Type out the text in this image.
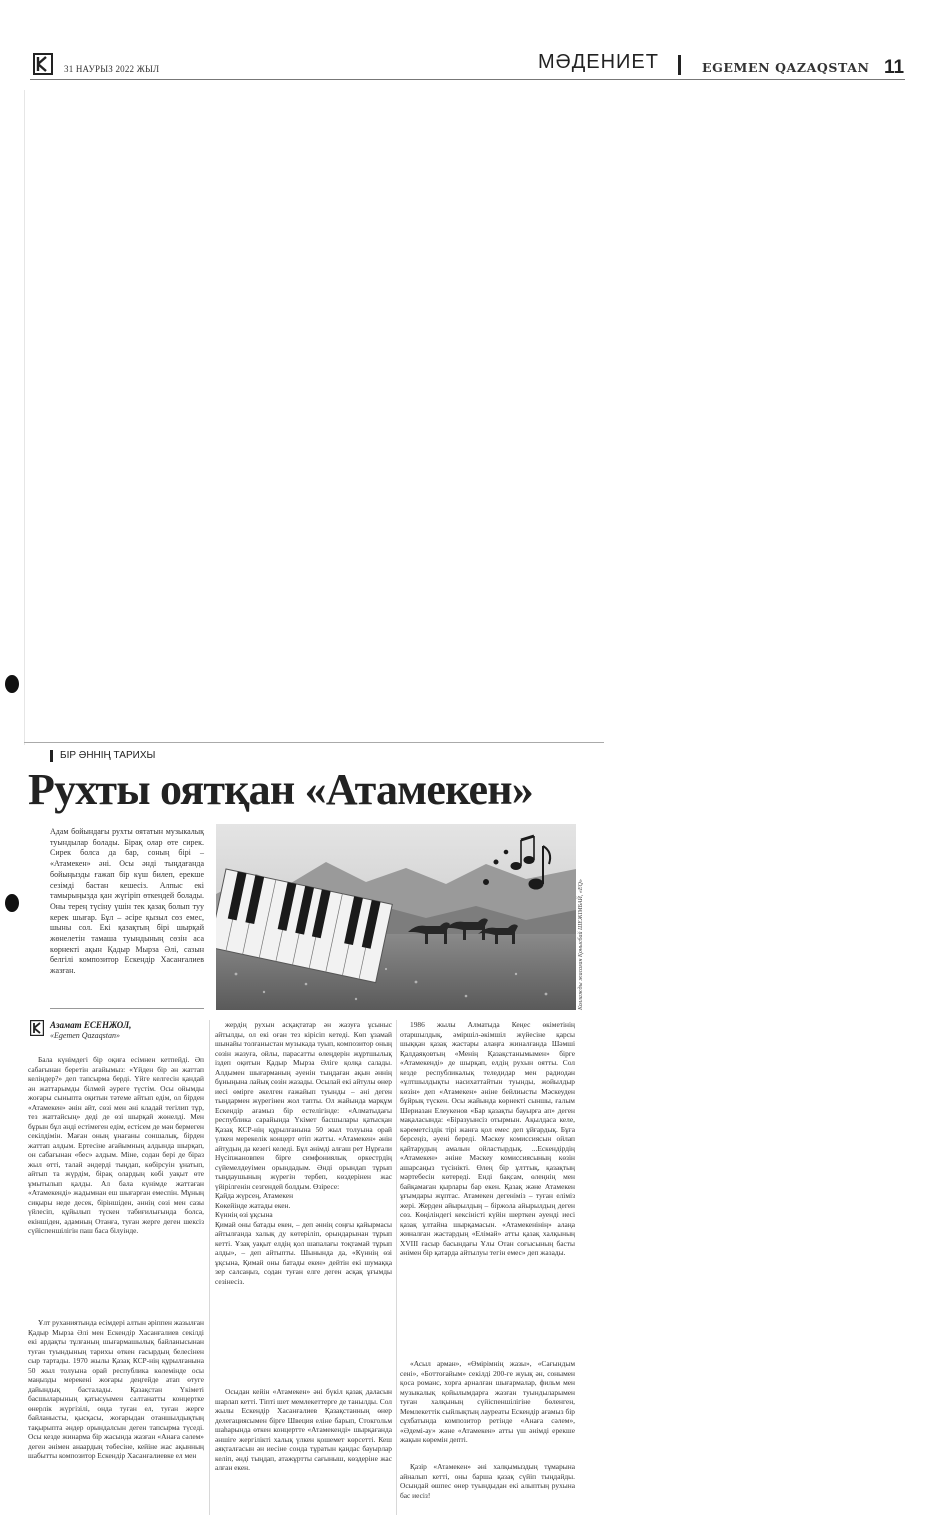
31 НАУРЫЗ 2022 ЖЫЛ	МӘДЕНИЕТ	EGEMEN QAZAQSTAN 11
БІР ӘННІҢ ТАРИХЫ
Рухты оятқан «Атамекен»
Адам бойындағы рухты оятатын музыкалық туындылар болады. Бірақ олар өте сирек. Сирек болса да бар, соның бірі – «Атамекен» әні. Осы әнді тыңдағанда бойыңызды ғажап бір күш билеп, ерекше сезімді бастан кешесіз. Алпыс екі тамырыңызда қан жүгіріп өткендей болады. Оны терең түсіну үшін тек қазақ болып туу керек шығар. Бұл – әсіре қызыл сөз емес, шыны сол. Екі қазақтың бірі шырқай жөнелетін тамаша туындының сөзін аса көрнекті ақын Қадыр Мырза Әлі, сазын белгілі композитор Ескендір Хасанғалиев жазған.	Коллажды жасаған Қонысбай ШЕЖІМБАЙ, «EQ»
Азамат ЕСЕНЖОЛ,
«Egemen Qazaqstan»

Бала күнімдегі бір оқиға есімнен кетпейді. Әп сабағынан беретін ағайымыз: «Үйден бір ән жаттап келіңдер?» деп тапсырма берді. Үйге келгесін қандай ән жаттарымды білмей әуреге түстім. Осы ойымды жоғары сыныпта оқитын тәтеме айтып едім, ол бірден «Атамекен» әнін айт, сөзі мен әні кладай тегілип тұр, тез жаттайсың» деді де өзі шырқай жөнелді. Мен бұрын бұл әнді естімеген едім, естісем де мән бермеген секілдімін. Маған оның ұнағаны соншалық, бірден жаттап алдым. Ертесіне ағайымның алдында шырқап, он сабағынан «бес» алдым. Міне, содан бері де біраз жыл өтті, талай әндерді тыңдап, көбірсуін ұнатып, айтып та жүрдім, бірақ олардың көбі уақыт өте ұмытылып қалды. Ал бала күнімде жаттаған «Атамекенді» жадымнан еш шығарған емеспін. Мұның сиқыры неде десек, біріншіден, әннің сөзі мен сазы үйлесіп, құйылып түскен табиғилығында болса, екіншіден, адамның Отанға, туған жерге деген шексіз сүйіспеншілігін паш баса білуінде.

Ұлт руханиятында есімдері алтын әріппен жазылған Қадыр Мырза Әлі мен Ескендір Хасанғалиев секілді екі ардақты тұлғаның шығармашылық байланысынан туған туындының тарихы өткен ғасырдың белесінен сыр тартады. 1970 жылы Қазақ КСР-нің құрылғанына 50 жыл толуына орай республика көлемінде осы маңызды мерекені жоғары деңгейде атап өтуге дайындық басталады. Қазақстан Үкіметі басшыларының қатысуымен салтанатты концертке өнерлік жүргізілі, онда туған ел, туған жерге байланысты, қысқасы, жоғарыдан отаншылдықтың тақырыпта әндер орындалсын деген тапсырма түседі. Осы кезде жинарма бір жасында жазған «Анаға сәлем» деген әнімен анаардың төбесіне, кейіне жас ақынның шабытты композитор Ескендір Хасанғалиевке ел мен

жердің рухын асқақтатар ән жазуға ұсыныс айтылды, ол екі оған тез кірісіп кетеді. Көп ұзамай шынайы толғаныстан музыкада туып, композитор оның сөзін жазуға, ойлы, парасатты өлеңдерін жұртшылық іздеп оқитын Қадыр Мырза Әліге қолқа салады. Алдымен шығарманың әуенін тыңдаған ақын әннің бұныңына лайық сөзін жазады. Осылай екі айтулы өнер иесі өмірге әкелген ғажайып туынды – әні деген тыңдармен жүрегінен жол тапты. Ол жайында марқұм Ескендір ағамыз бір естелігінде: «Алматыдағы республика сарайында Үкімет басшылары қатысқан Қазақ КСР-нің құрылғанына 50 жыл толуына орай үлкен мерекелік концерт өтіп жатты. «Атамекен» әнін айтудың да кезегі келеді. Бұл әнімді алғаш рет Нұрғали Нүсіпжановпен бірге симфониялық оркестрдің сүйемелдеуімен орындадым. Әнді орындап тұрып тыңдаушының жүрегін тербеп, көздерінен жас үйірілгенін сезгендей болдым. Өзіресе:

Қайда жүрсең, Атамекен

Көкейінде жатады екен.

Күннің өзі ұқсына

Қимай оны батады екен, – деп әннің соңғы қайырмасы айтылғанда халық ду көтеріліп, орындарынан тұрып кетті. Ұзақ уақыт елдің қол шапалағы тоқтамай тұрып алды», – деп айтыпты. Шынында да, «Күннің өзі ұқсына, Қимай оны батады екен» дейтін екі шумаққа зер салсаңыз, содан туған елге деген асқақ ұғымды сезінесіз.

Осыдан кейін «Атамекен» әні бүкіл қазақ даласын шарлап кетті. Тіпті шет мемлекеттерге де танылды. Сол жылы Ескендір Хасанғалиев Қазақстанның өнер делегациясымен бірге Швеция еліне барып, Стокгольм шаһарында өткен концертте «Атамекенді» шырқағанда әншіге жергілікті халық үлкен қошемет көрсетті. Кеш аяқталғасын ән иесіне сонда тұратын қандас бауырлар келіп, әнді тыңдап, атажұртты сағыныш, көздеріне жас алған екен.

1986 жылы Алматыда Кеңес өкіметінің отаршылдық, әміршіл-әкімшіл жүйесіне қарсы шыққан қазақ жастары алаңға жиналғанда Шәмші Қалдаяқовтың «Менің Қазақстанымымен» бірге «Атамекенді» де шырқап, елдің рухын оятты. Сол кезде республикалық теледидар мен радиодан «ұлтшылдықты насихаттайтын туынды, жойылдыр көзін» деп «Атамекен» әніне бейлиысты Мәскеуден бұйрық түскен. Осы жайында көрнекті сыншы, ғалым Шериазан Елеукенов «Бар қазақты бауырға ап» деген мақаласында: «Біразуынсіз отырмын. Ақылдаса келе, кәреметсіздік тірі жанға қол емес деп ұйғардық. Бұға берсеңіз, әуені береді. Мәскеу комиссиясын ойлап қайтарудың амалын ойластырдық. ...Ескендірдің «Атамекен» әніне Мәскеу комиссиясының көзін ашарсаңыз түсінікті. Өлең бір ұлттық, қазақтың мәртебесін көтереді. Енді бақсам, өлеңнің мен байқамаған қырлары бар екен. Қазақ және Атамекен ұғымдары жұптас. Атамекен дегеніміз – туған еліміз жері. Жерден айырылдың – біржола айырылдың деген сөз. Көңіліндегі кексіністі күйін шерткен әуенді иесі қазақ ұлтайна шырқамасын. «Атамекенінің» алаңа жиналған жастардың «Елімай» атты қазақ халқының XVIII ғасыр басындағы Ұлы Отан соғысының басты әнімен бір қатарда айтылуы тегін емес» деп жазады.

«Асыл арман», «Өмірімнің жазы», «Сағындым сені», «Боттоғайым» секілді 200-ге жуық ән, сонымен қоса романс, хорға арналған шығармалар, фильм мен музыкалық қойылымдарға жазған туындыларымен туған халқының сүйіспеншілігіне бөленген, Мемлекеттік сыйлықтың лауреаты Ескендір ағамыз бір сұхбатында композитор ретінде «Анаға сәлем», «Әдемі-ау» және «Атамекен» атты үш әнімді ерекше жақын көремін депті.

Қазір «Атамекен» әні халқымыздың тұмарына айналып кетті, оны барша қазақ сүйіп тыңдайды. Осындай өшпес өнер туындыдан екі алыптың рухына бас иесіз!
